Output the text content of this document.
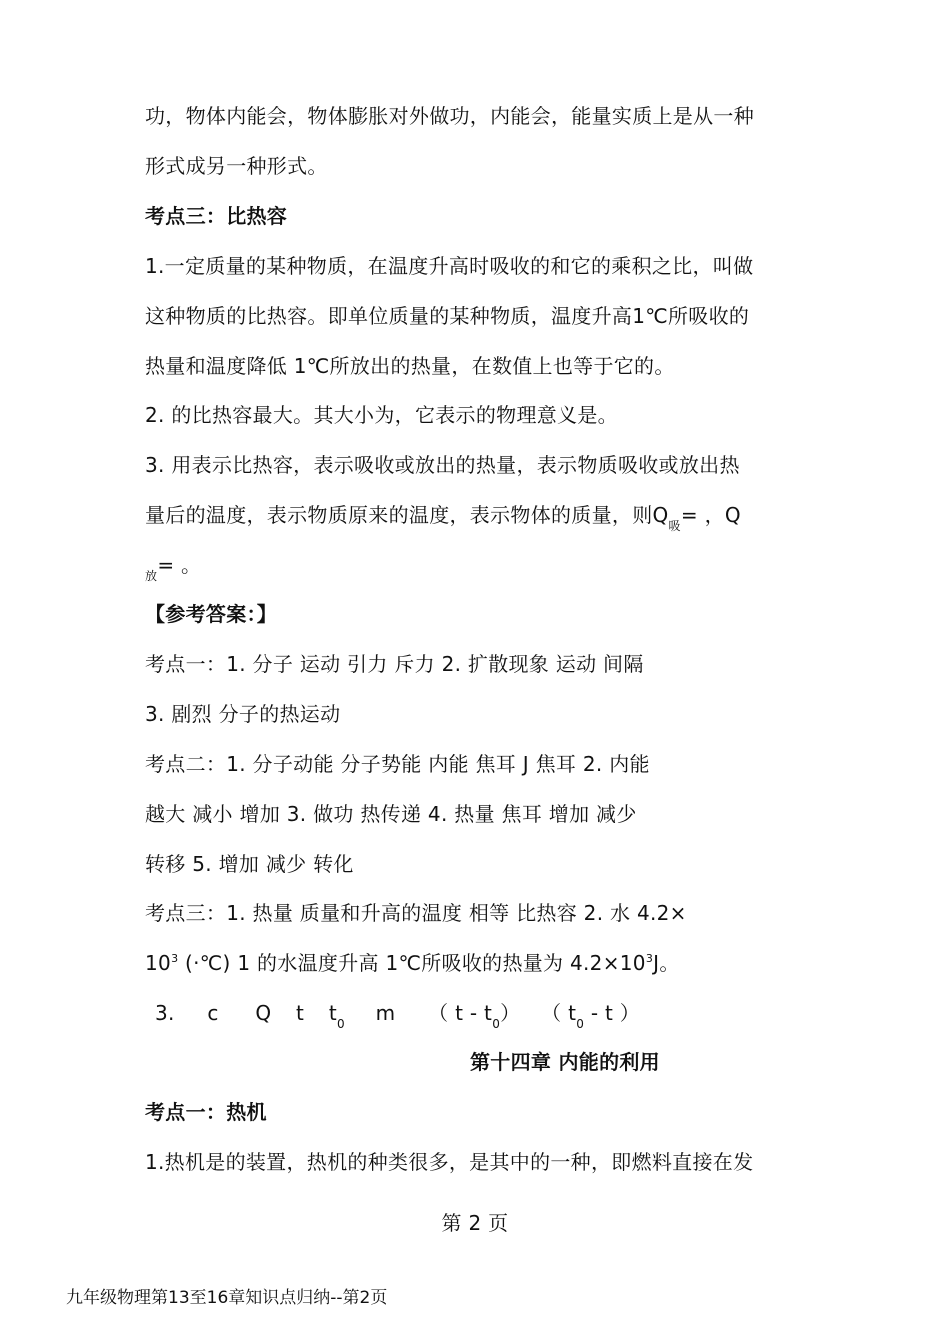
功，物体内能会，物体膨胀对外做功，内能会，能量实质上是从一种
形式成另一种形式。
考点三：比热容
1.一定质量的某种物质，在温度升高时吸收的和它的乘积之比，叫做
这种物质的比热容。即单位质量的某种物质，温度升高1℃所吸收的
热量和温度降低 1℃所放出的热量，在数值上也等于它的。
2. 的比热容最大。其大小为，它表示的物理意义是。
3. 用表示比热容，表示吸收或放出的热量，表示物质吸收或放出热
量后的温度，表示物质原来的温度，表示物体的质量，则$Q_吸=$ ，Q
$_放$= 。
【参考答案：】
考点一：1. 分子 运动 引力 斥力 2. 扩散现象 运动 间隔
3. 剧烈 分子的热运动
考点二：1. 分子动能 分子势能 内能 焦耳 J 焦耳 2. 内能
越大 减小 增加 3. 做功 热传递 4. 热量 焦耳 增加 减少
转移 5. 增加 减少 转化
考点三：1. 热量 质量和升高的温度 相等 比热容 2. 水 4.2×
$10^3$ (·℃) 1 的水温度升高 1℃所吸收的热量为 $4.2\times 10^3J$。
3. c Q t $t_0$ m （ t - $t_0$） （ $t_0$ - t ）
第十四章 内能的利用
考点一：热机
1.热机是的装置，热机的种类很多，是其中的一种，即燃料直接在发
第 2 页
九年级物理第13至16章知识点归纳--第2页
